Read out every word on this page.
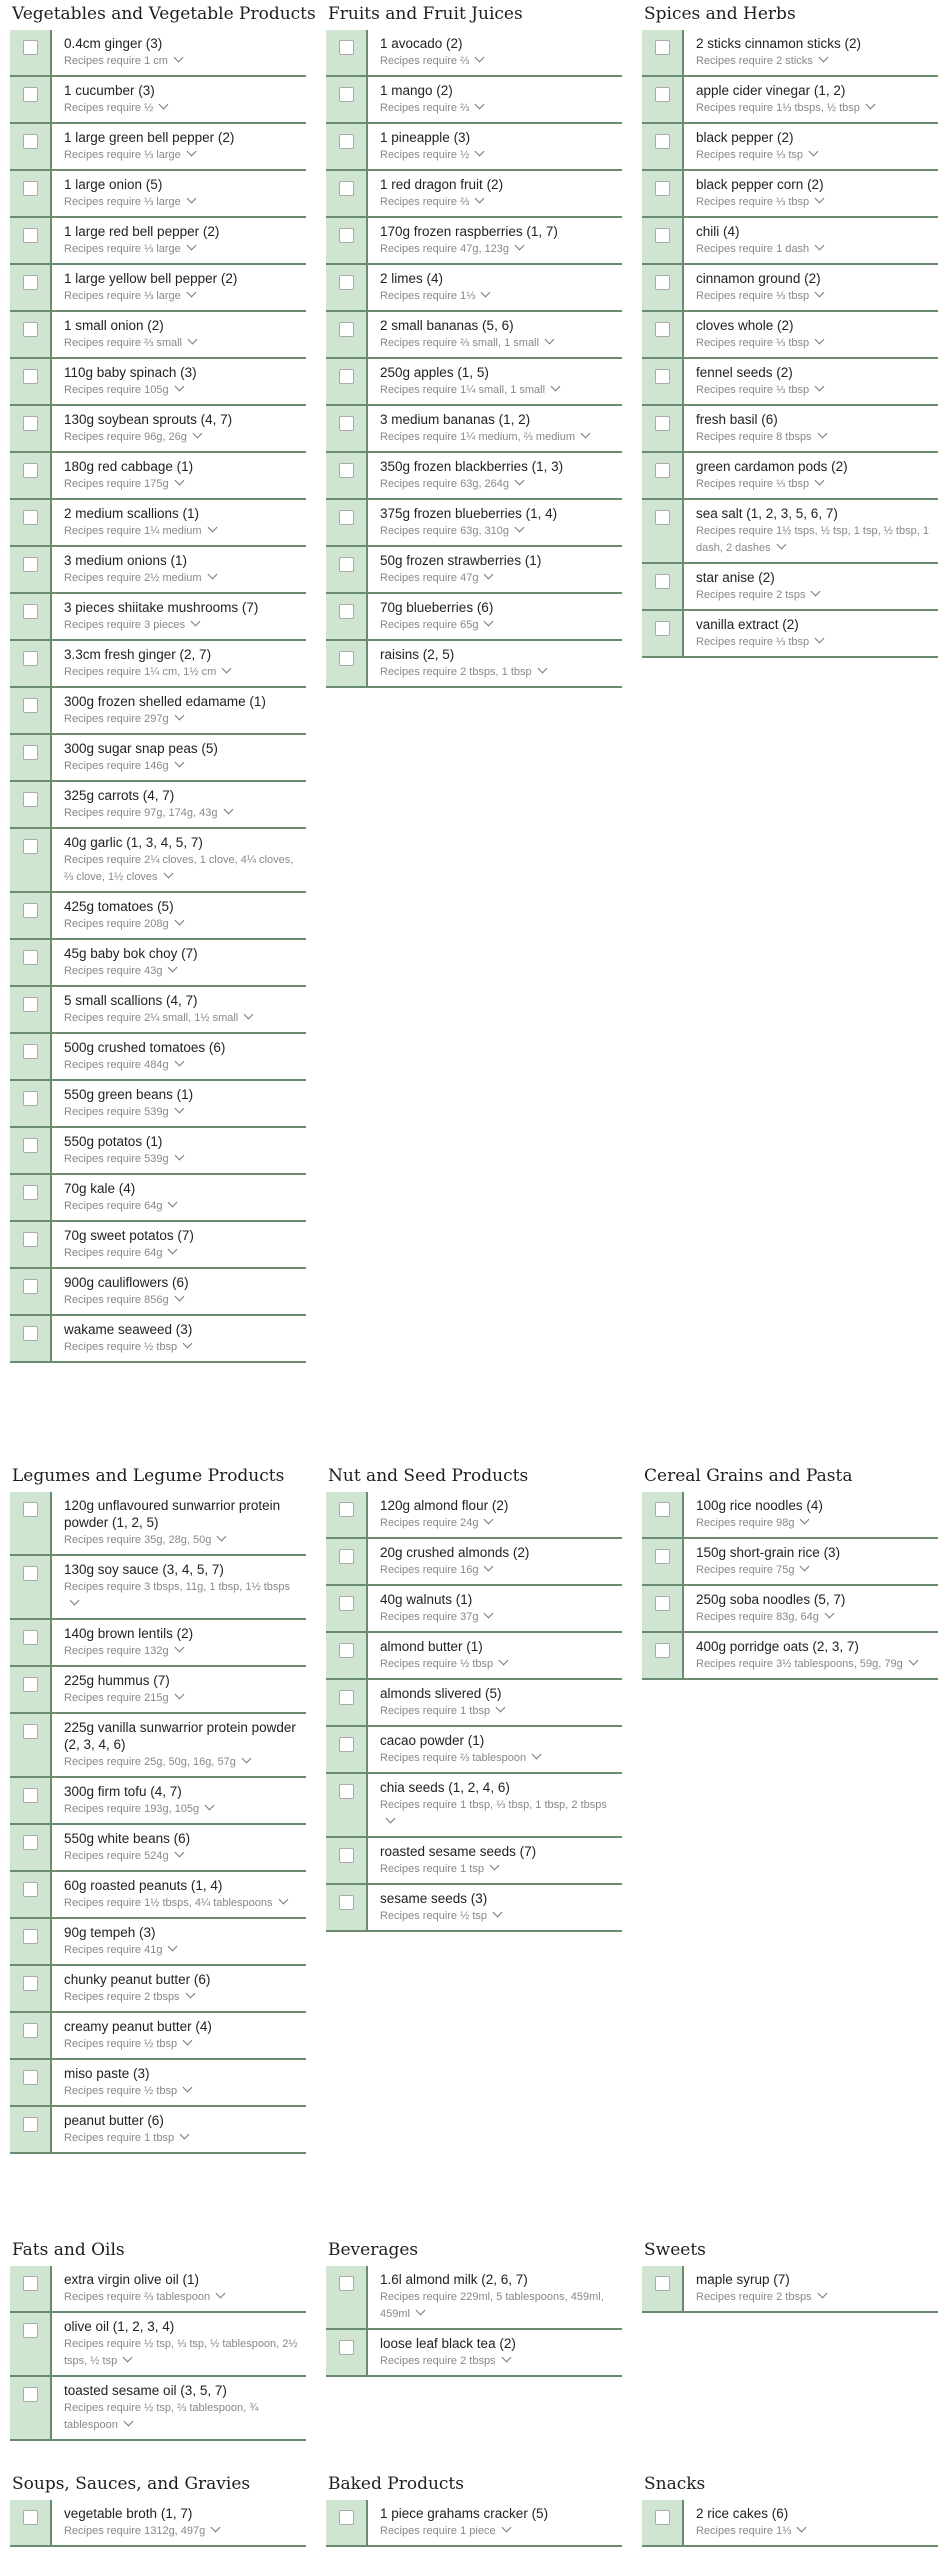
Vegetables and Vegetable Products
0.4cm ginger (3)
Recipes require 1 cm
1 cucumber (3)
Recipes require ½
1 large green bell pepper (2)
Recipes require ⅓ large
1 large onion (5)
Recipes require ⅓ large
1 large red bell pepper (2)
Recipes require ⅓ large
1 large yellow bell pepper (2)
Recipes require ⅓ large
1 small onion (2)
Recipes require ⅔ small
110g baby spinach (3)
Recipes require 105g
130g soybean sprouts (4, 7)
Recipes require 96g, 26g
180g red cabbage (1)
Recipes require 175g
2 medium scallions (1)
Recipes require 1¼ medium
3 medium onions (1)
Recipes require 2½ medium
3 pieces shiitake mushrooms (7)
Recipes require 3 pieces
3.3cm fresh ginger (2, 7)
Recipes require 1¼ cm, 1½ cm
300g frozen shelled edamame (1)
Recipes require 297g
300g sugar snap peas (5)
Recipes require 146g
325g carrots (4, 7)
Recipes require 97g, 174g, 43g
40g garlic (1, 3, 4, 5, 7)
Recipes require 2¼ cloves, 1 clove, 4¼ cloves, ⅔ clove, 1½ cloves
425g tomatoes (5)
Recipes require 208g
45g baby bok choy (7)
Recipes require 43g
5 small scallions (4, 7)
Recipes require 2¼ small, 1½ small
500g crushed tomatoes (6)
Recipes require 484g
550g green beans (1)
Recipes require 539g
550g potatos (1)
Recipes require 539g
70g kale (4)
Recipes require 64g
70g sweet potatos (7)
Recipes require 64g
900g cauliflowers (6)
Recipes require 856g
wakame seaweed (3)
Recipes require ½ tbsp
Fruits and Fruit Juices
1 avocado (2)
Recipes require ⅔
1 mango (2)
Recipes require ⅔
1 pineapple (3)
Recipes require ½
1 red dragon fruit (2)
Recipes require ⅔
170g frozen raspberries (1, 7)
Recipes require 47g, 123g
2 limes (4)
Recipes require 1⅓
2 small bananas (5, 6)
Recipes require ⅔ small, 1 small
250g apples (1, 5)
Recipes require 1¼ small, 1 small
3 medium bananas (1, 2)
Recipes require 1¼ medium, ⅔ medium
350g frozen blackberries (1, 3)
Recipes require 63g, 264g
375g frozen blueberries (1, 4)
Recipes require 63g, 310g
50g frozen strawberries (1)
Recipes require 47g
70g blueberries (6)
Recipes require 65g
raisins (2, 5)
Recipes require 2 tbsps, 1 tbsp
Spices and Herbs
2 sticks cinnamon sticks (2)
Recipes require 2 sticks
apple cider vinegar (1, 2)
Recipes require 1⅓ tbsps, ½ tbsp
black pepper (2)
Recipes require ⅓ tsp
black pepper corn (2)
Recipes require ⅓ tbsp
chili (4)
Recipes require 1 dash
cinnamon ground (2)
Recipes require ⅓ tbsp
cloves whole (2)
Recipes require ⅓ tbsp
fennel seeds (2)
Recipes require ⅓ tbsp
fresh basil (6)
Recipes require 8 tbsps
green cardamon pods (2)
Recipes require ⅓ tbsp
sea salt (1, 2, 3, 5, 6, 7)
Recipes require 1½ tsps, ½ tsp, 1 tsp, ½ tbsp, 1 dash, 2 dashes
star anise (2)
Recipes require 2 tsps
vanilla extract (2)
Recipes require ⅓ tbsp
Legumes and Legume Products
120g unflavoured sunwarrior protein powder (1, 2, 5)
Recipes require 35g, 28g, 50g
130g soy sauce (3, 4, 5, 7)
Recipes require 3 tbsps, 11g, 1 tbsp, 1½ tbsps
140g brown lentils (2)
Recipes require 132g
225g hummus (7)
Recipes require 215g
225g vanilla sunwarrior protein powder (2, 3, 4, 6)
Recipes require 25g, 50g, 16g, 57g
300g firm tofu (4, 7)
Recipes require 193g, 105g
550g white beans (6)
Recipes require 524g
60g roasted peanuts (1, 4)
Recipes require 1½ tbsps, 4¼ tablespoons
90g tempeh (3)
Recipes require 41g
chunky peanut butter (6)
Recipes require 2 tbsps
creamy peanut butter (4)
Recipes require ½ tbsp
miso paste (3)
Recipes require ½ tbsp
peanut butter (6)
Recipes require 1 tbsp
Nut and Seed Products
120g almond flour (2)
Recipes require 24g
20g crushed almonds (2)
Recipes require 16g
40g walnuts (1)
Recipes require 37g
almond butter (1)
Recipes require ½ tbsp
almonds slivered (5)
Recipes require 1 tbsp
cacao powder (1)
Recipes require ⅔ tablespoon
chia seeds (1, 2, 4, 6)
Recipes require 1 tbsp, ⅓ tbsp, 1 tbsp, 2 tbsps
roasted sesame seeds (7)
Recipes require 1 tsp
sesame seeds (3)
Recipes require ½ tsp
Cereal Grains and Pasta
100g rice noodles (4)
Recipes require 98g
150g short-grain rice (3)
Recipes require 75g
250g soba noodles (5, 7)
Recipes require 83g, 64g
400g porridge oats (2, 3, 7)
Recipes require 3½ tablespoons, 59g, 79g
Fats and Oils
extra virgin olive oil (1)
Recipes require ⅔ tablespoon
olive oil (1, 2, 3, 4)
Recipes require ½ tsp, ⅓ tsp, ½ tablespoon, 2½ tsps, ½ tsp
toasted sesame oil (3, 5, 7)
Recipes require ½ tsp, ⅔ tablespoon, ¾ tablespoon
Beverages
1.6l almond milk (2, 6, 7)
Recipes require 229ml, 5 tablespoons, 459ml, 459ml
loose leaf black tea (2)
Recipes require 2 tbsps
Sweets
maple syrup (7)
Recipes require 2 tbsps
Soups, Sauces, and Gravies
vegetable broth (1, 7)
Recipes require 1312g, 497g
Baked Products
1 piece grahams cracker (5)
Recipes require 1 piece
Snacks
2 rice cakes (6)
Recipes require 1⅓
